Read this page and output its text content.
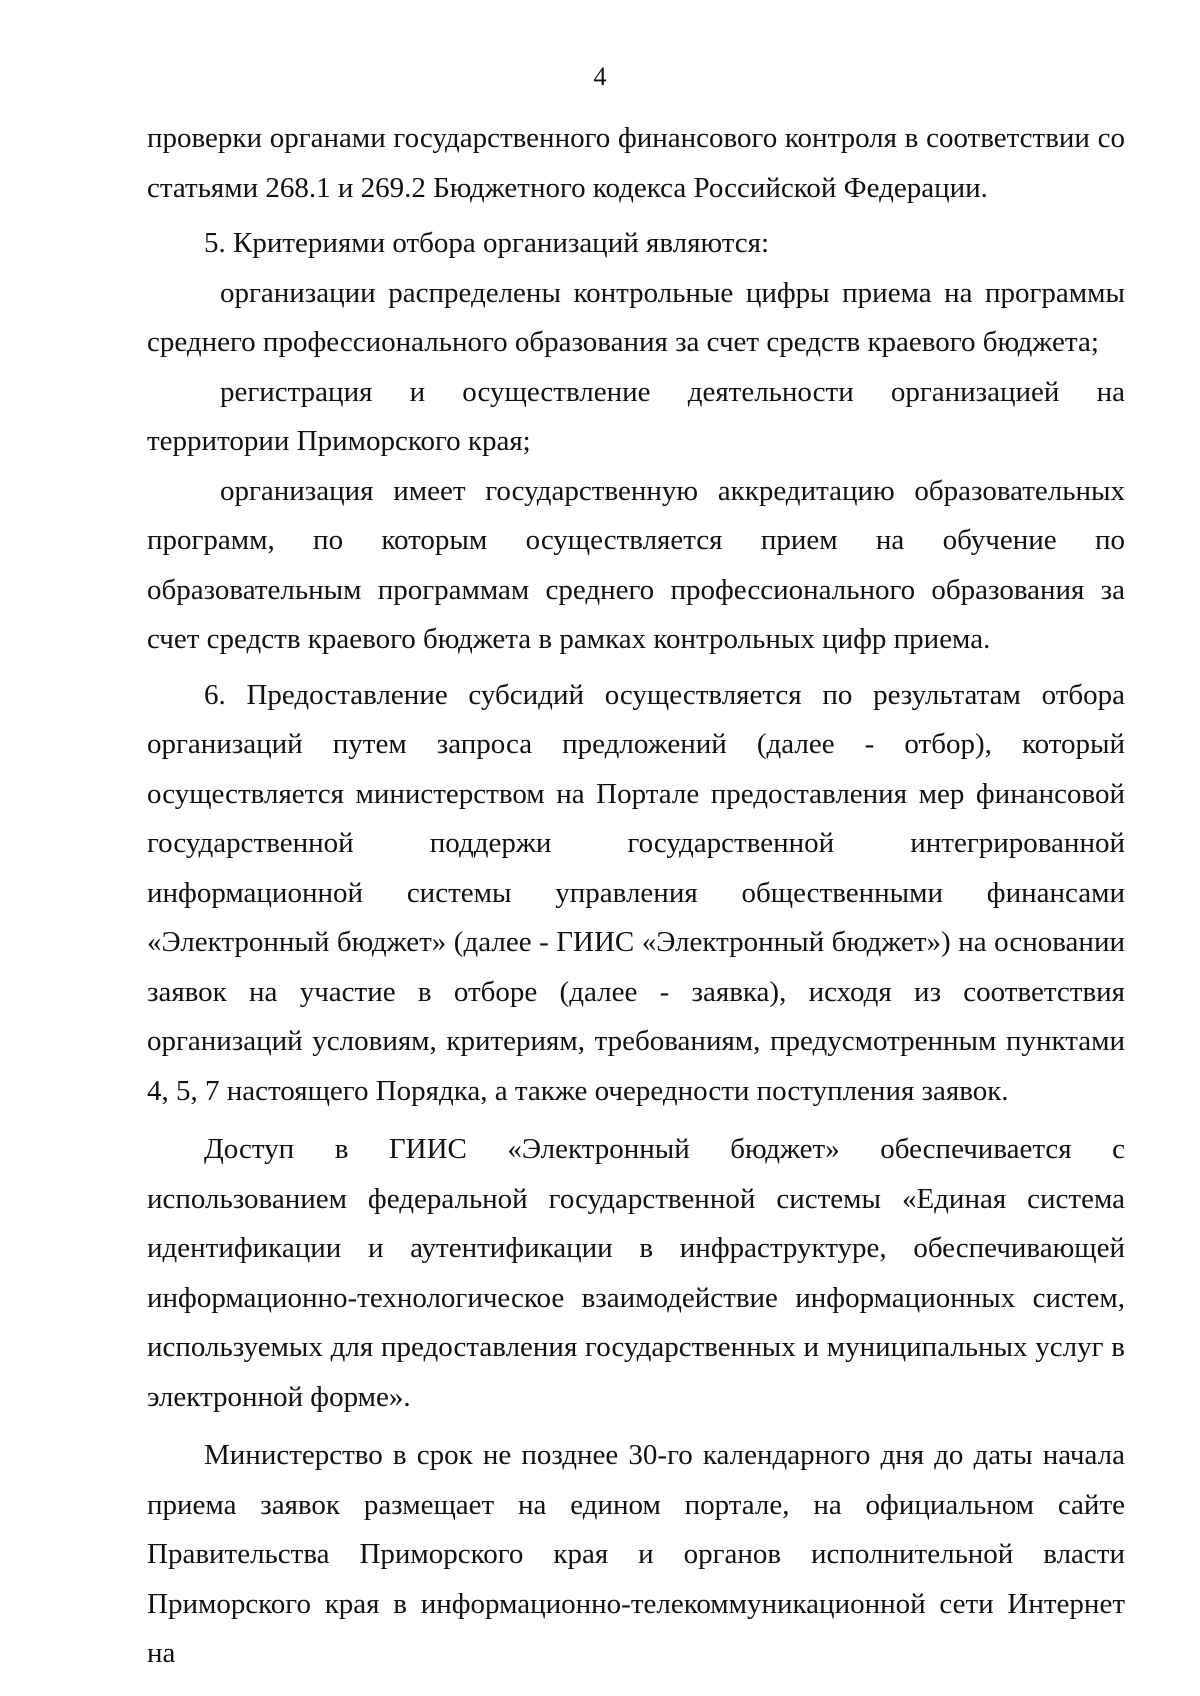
4

проверки органами государственного финансового контроля в соответствии со статьями 268.1 и 269.2 Бюджетного кодекса Российской Федерации.

5. Критериями отбора организаций являются:

организации распределены контрольные цифры приема на программы среднего профессионального образования за счет средств краевого бюджета;

регистрация и осуществление деятельности организацией на территории Приморского края;

организация имеет государственную аккредитацию образовательных программ, по которым осуществляется прием на обучение по образовательным программам среднего профессионального образования за счет средств краевого бюджета в рамках контрольных цифр приема.

6. Предоставление субсидий осуществляется по результатам отбора организаций путем запроса предложений (далее - отбор), который осуществляется министерством на Портале предоставления мер финансовой государственной поддержи государственной интегрированной информационной системы управления общественными финансами «Электронный бюджет» (далее - ГИИС «Электронный бюджет») на основании заявок на участие в отборе (далее - заявка), исходя из соответствия организаций условиям, критериям, требованиям, предусмотренным пунктами 4, 5, 7 настоящего Порядка, а также очередности поступления заявок.

Доступ в ГИИС «Электронный бюджет» обеспечивается с использованием федеральной государственной системы «Единая система идентификации и аутентификации в инфраструктуре, обеспечивающей информационно-технологическое взаимодействие информационных систем, используемых для предоставления государственных и муниципальных услуг в электронной форме».

Министерство в срок не позднее 30-го календарного дня до даты начала приема заявок размещает на едином портале, на официальном сайте Правительства Приморского края и органов исполнительной власти Приморского края в информационно-телекоммуникационной сети Интернет на
